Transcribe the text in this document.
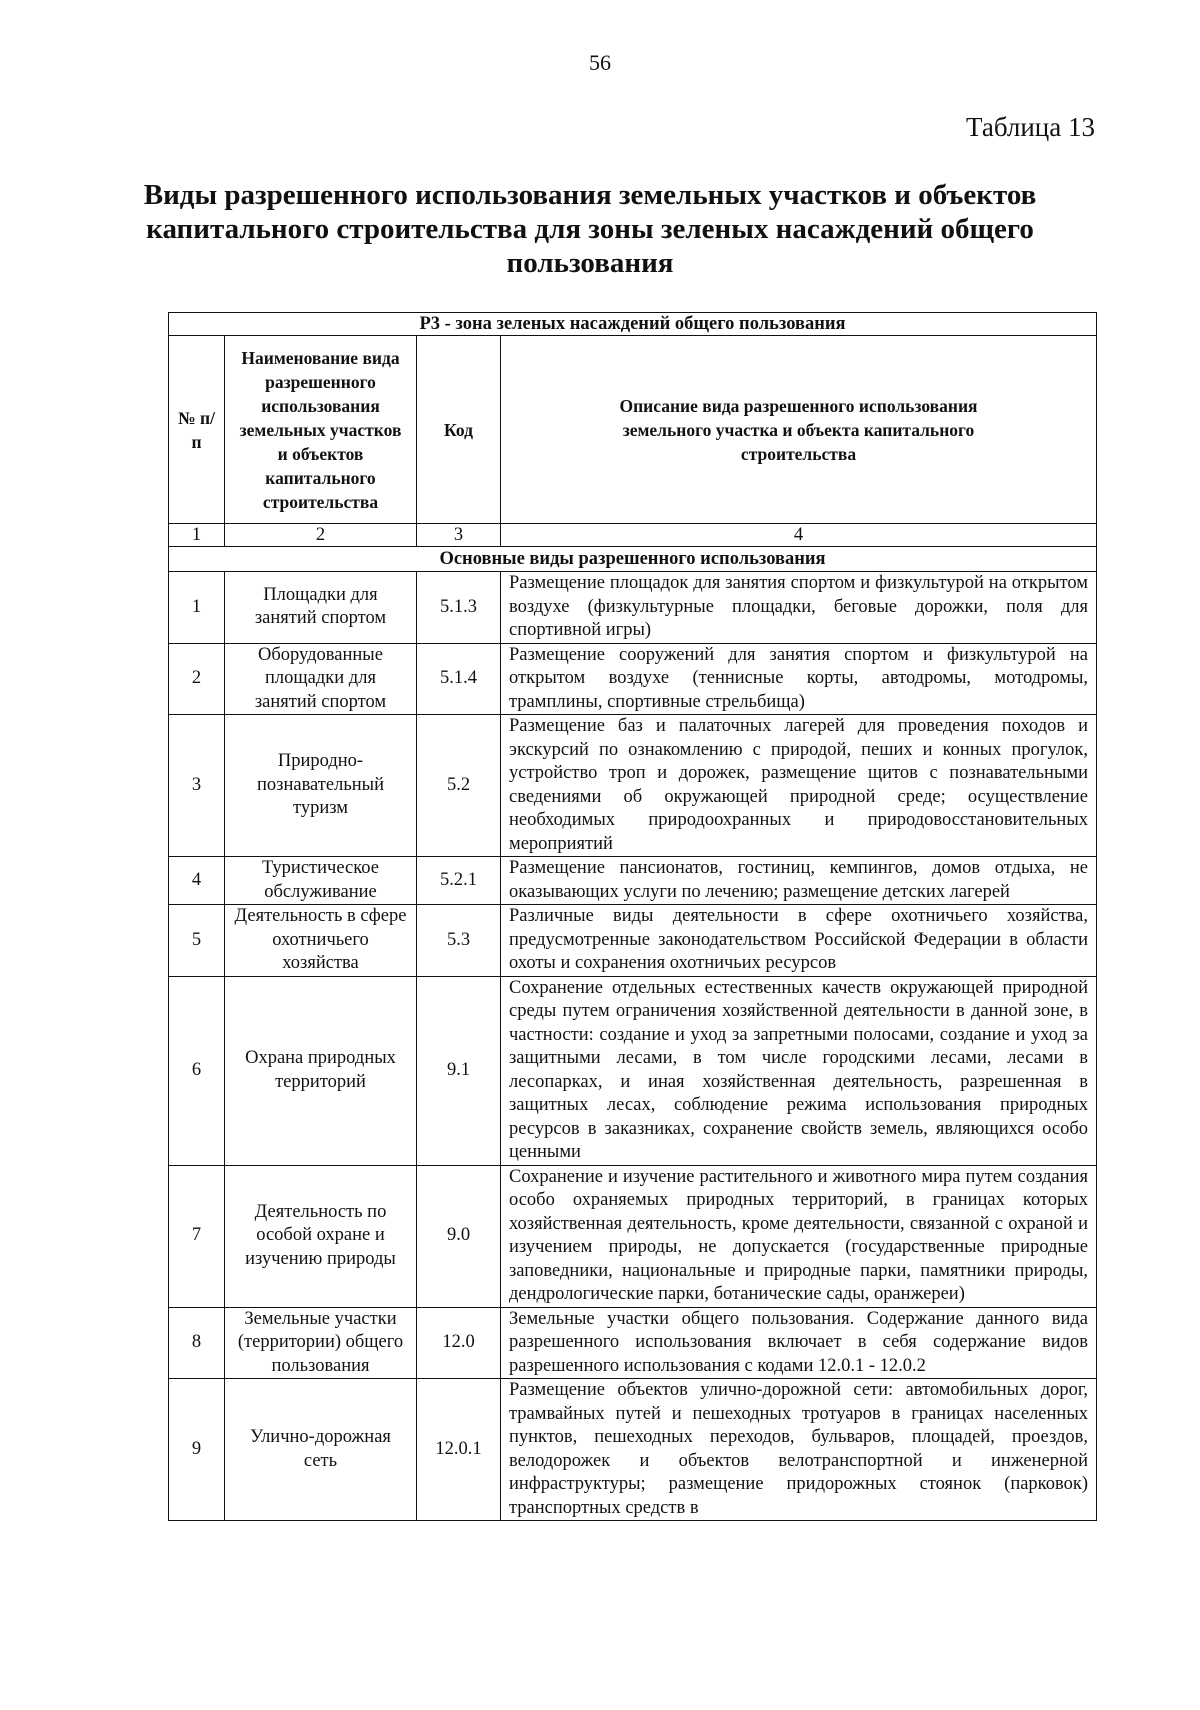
56
Таблица 13
Виды разрешенного использования земельных участков и объектов капитального строительства для зоны зеленых насаждений общего пользования
Р3 - зона зеленых насаждений общего пользования			
№ п/п	Наименование вида разрешенного использования земельных участков и объектов капитального строительства	Код	Описание вида разрешенного использования земельного участка и объекта капитального строительства
1	2	3	4
Основные виды разрешенного использования			
1	Площадки для занятий спортом	5.1.3	Размещение площадок для занятия спортом и физкультурой на открытом воздухе (физкультурные площадки, беговые дорожки, поля для спортивной игры)
2	Оборудованные площадки для занятий спортом	5.1.4	Размещение сооружений для занятия спортом и физкультурой на открытом воздухе (теннисные корты, автодромы, мотодромы, трамплины, спортивные стрельбища)
3	Природно-познавательный туризм	5.2	Размещение баз и палаточных лагерей для проведения походов и экскурсий по ознакомлению с природой, пеших и конных прогулок, устройство троп и дорожек, размещение щитов с познавательными сведениями об окружающей природной среде; осуществление необходимых природоохранных и природовосстановительных мероприятий
4	Туристическое обслуживание	5.2.1	Размещение пансионатов, гостиниц, кемпингов, домов отдыха, не оказывающих услуги по лечению; размещение детских лагерей
5	Деятельность в сфере охотничьего хозяйства	5.3	Различные виды деятельности в сфере охотничьего хозяйства, предусмотренные законодательством Российской Федерации в области охоты и сохранения охотничьих ресурсов
6	Охрана природных территорий	9.1	Сохранение отдельных естественных качеств окружающей природной среды путем ограничения хозяйственной деятельности в данной зоне, в частности: создание и уход за запретными полосами, создание и уход за защитными лесами, в том числе городскими лесами, лесами в лесопарках, и иная хозяйственная деятельность, разрешенная в защитных лесах, соблюдение режима использования природных ресурсов в заказниках, сохранение свойств земель, являющихся особо ценными
7	Деятельность по особой охране и изучению природы	9.0	Сохранение и изучение растительного и животного мира путем создания особо охраняемых природных территорий, в границах которых хозяйственная деятельность, кроме деятельности, связанной с охраной и изучением природы, не допускается (государственные природные заповедники, национальные и природные парки, памятники природы, дендрологические парки, ботанические сады, оранжереи)
8	Земельные участки (территории) общего пользования	12.0	Земельные участки общего пользования. Содержание данного вида разрешенного использования включает в себя содержание видов разрешенного использования с кодами 12.0.1 - 12.0.2
9	Улично-дорожная сеть	12.0.1	Размещение объектов улично-дорожной сети: автомобильных дорог, трамвайных путей и пешеходных тротуаров в границах населенных пунктов, пешеходных переходов, бульваров, площадей, проездов, велодорожек и объектов велотранспортной и инженерной инфраструктуры; размещение придорожных стоянок (парковок) транспортных средств в
